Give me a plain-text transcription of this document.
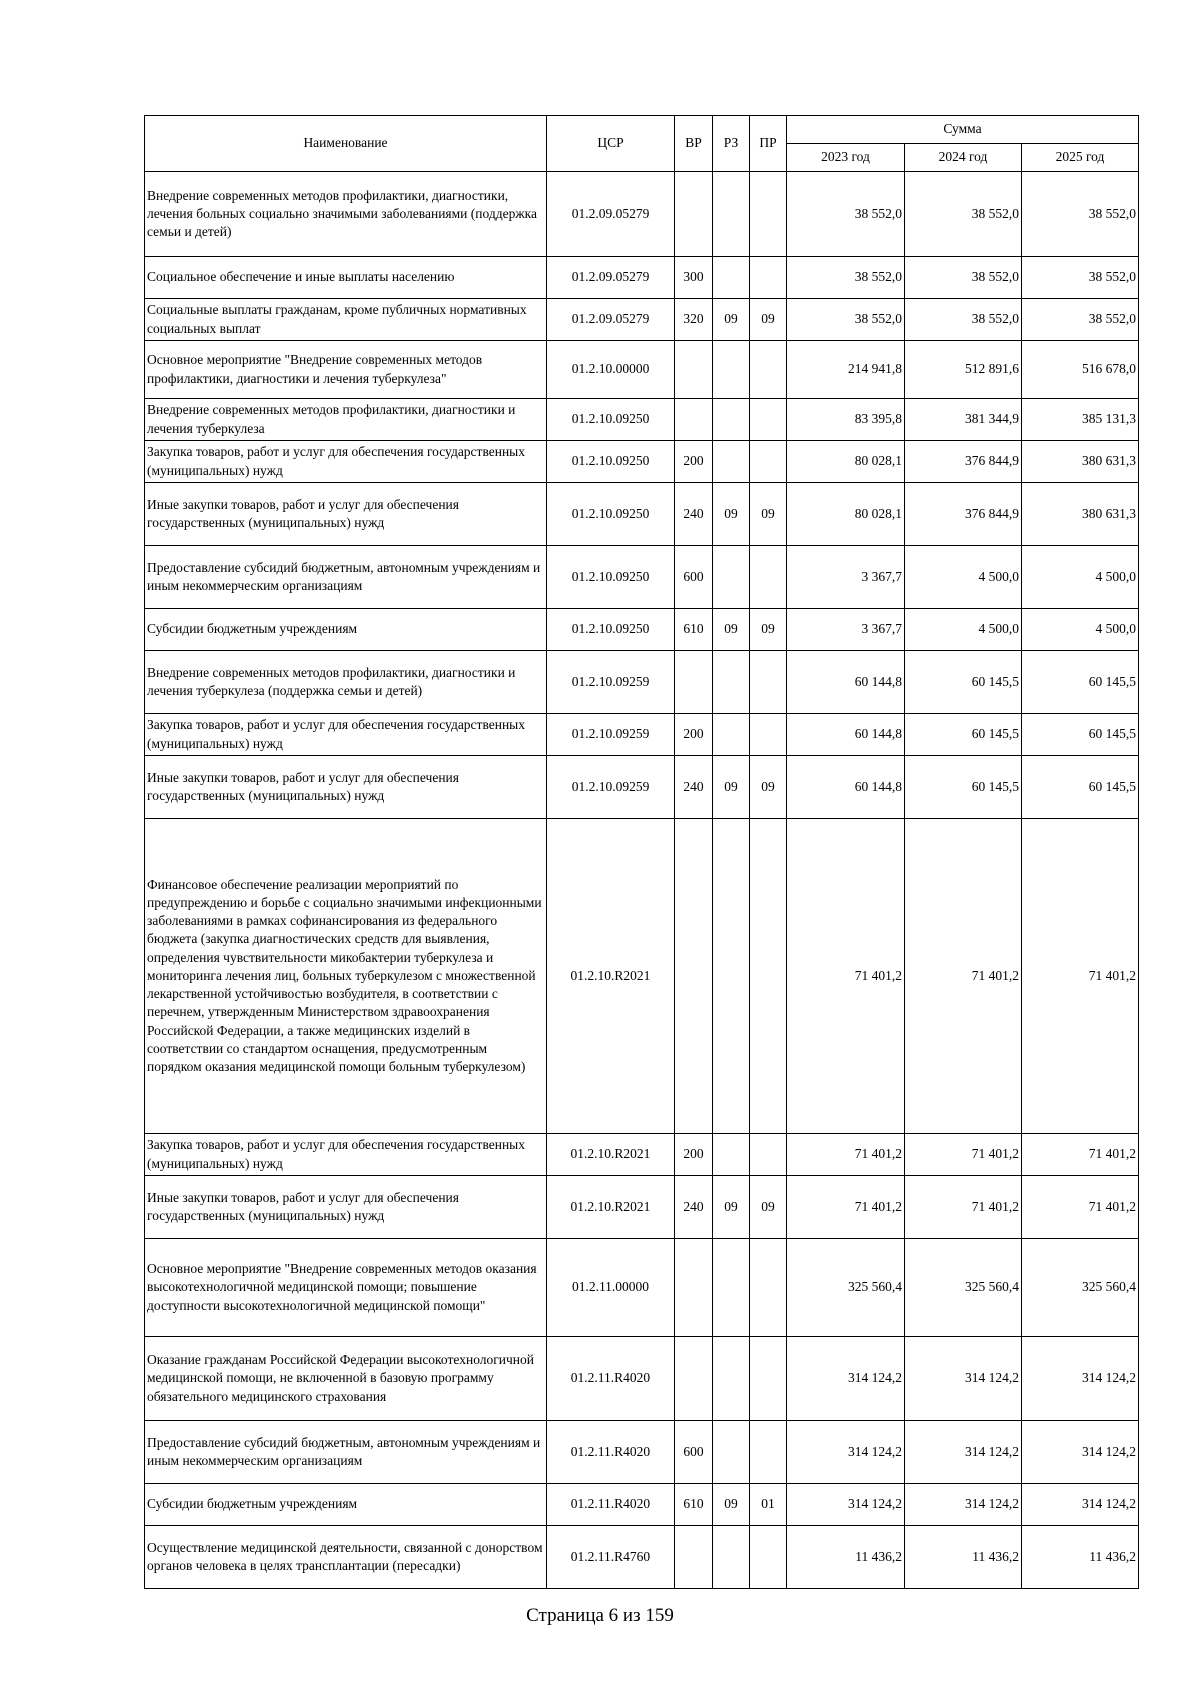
Наименование	ЦСР	ВР	РЗ	ПР	Сумма		
					2023 год	2024 год	2025 год
Внедрение современных методов профилактики, диагностики, лечения больных социально значимыми заболеваниями (поддержка семьи и детей)	01.2.09.05279				38 552,0	38 552,0	38 552,0
Социальное обеспечение и иные выплаты населению	01.2.09.05279	300			38 552,0	38 552,0	38 552,0
Социальные выплаты гражданам, кроме публичных нормативных социальных выплат	01.2.09.05279	320	09	09	38 552,0	38 552,0	38 552,0
Основное мероприятие "Внедрение современных методов профилактики, диагностики и лечения туберкулеза"	01.2.10.00000				214 941,8	512 891,6	516 678,0
Внедрение современных методов профилактики, диагностики и лечения туберкулеза	01.2.10.09250				83 395,8	381 344,9	385 131,3
Закупка товаров, работ и услуг для обеспечения государственных (муниципальных) нужд	01.2.10.09250	200			80 028,1	376 844,9	380 631,3
Иные закупки товаров, работ и услуг для обеспечения государственных (муниципальных) нужд	01.2.10.09250	240	09	09	80 028,1	376 844,9	380 631,3
Предоставление субсидий бюджетным, автономным учреждениям и иным некоммерческим организациям	01.2.10.09250	600			3 367,7	4 500,0	4 500,0
Субсидии бюджетным учреждениям	01.2.10.09250	610	09	09	3 367,7	4 500,0	4 500,0
Внедрение современных методов профилактики, диагностики и лечения туберкулеза (поддержка семьи и детей)	01.2.10.09259				60 144,8	60 145,5	60 145,5
Закупка товаров, работ и услуг для обеспечения государственных (муниципальных) нужд	01.2.10.09259	200			60 144,8	60 145,5	60 145,5
Иные закупки товаров, работ и услуг для обеспечения государственных (муниципальных) нужд	01.2.10.09259	240	09	09	60 144,8	60 145,5	60 145,5
Финансовое обеспечение реализации мероприятий по предупреждению и борьбе с социально значимыми инфекционными заболеваниями в рамках софинансирования из федерального бюджета (закупка диагностических средств для выявления, определения чувствительности микобактерии туберкулеза и мониторинга лечения лиц, больных туберкулезом с множественной лекарственной устойчивостью возбудителя, в соответствии с перечнем, утвержденным Министерством здравоохранения Российской Федерации, а также медицинских изделий в соответствии со стандартом оснащения, предусмотренным порядком оказания медицинской помощи больным туберкулезом)	01.2.10.R2021				71 401,2	71 401,2	71 401,2
Закупка товаров, работ и услуг для обеспечения государственных (муниципальных) нужд	01.2.10.R2021	200			71 401,2	71 401,2	71 401,2
Иные закупки товаров, работ и услуг для обеспечения государственных (муниципальных) нужд	01.2.10.R2021	240	09	09	71 401,2	71 401,2	71 401,2
Основное мероприятие "Внедрение современных методов оказания высокотехнологичной медицинской помощи; повышение доступности высокотехнологичной медицинской помощи"	01.2.11.00000				325 560,4	325 560,4	325 560,4
Оказание гражданам Российской Федерации высокотехнологичной медицинской помощи, не включенной в базовую программу обязательного медицинского страхования	01.2.11.R4020				314 124,2	314 124,2	314 124,2
Предоставление субсидий бюджетным, автономным учреждениям и иным некоммерческим организациям	01.2.11.R4020	600			314 124,2	314 124,2	314 124,2
Субсидии бюджетным учреждениям	01.2.11.R4020	610	09	01	314 124,2	314 124,2	314 124,2
Осуществление медицинской деятельности, связанной с донорством органов человека в целях трансплантации (пересадки)	01.2.11.R4760				11 436,2	11 436,2	11 436,2
Страница 6 из 159
